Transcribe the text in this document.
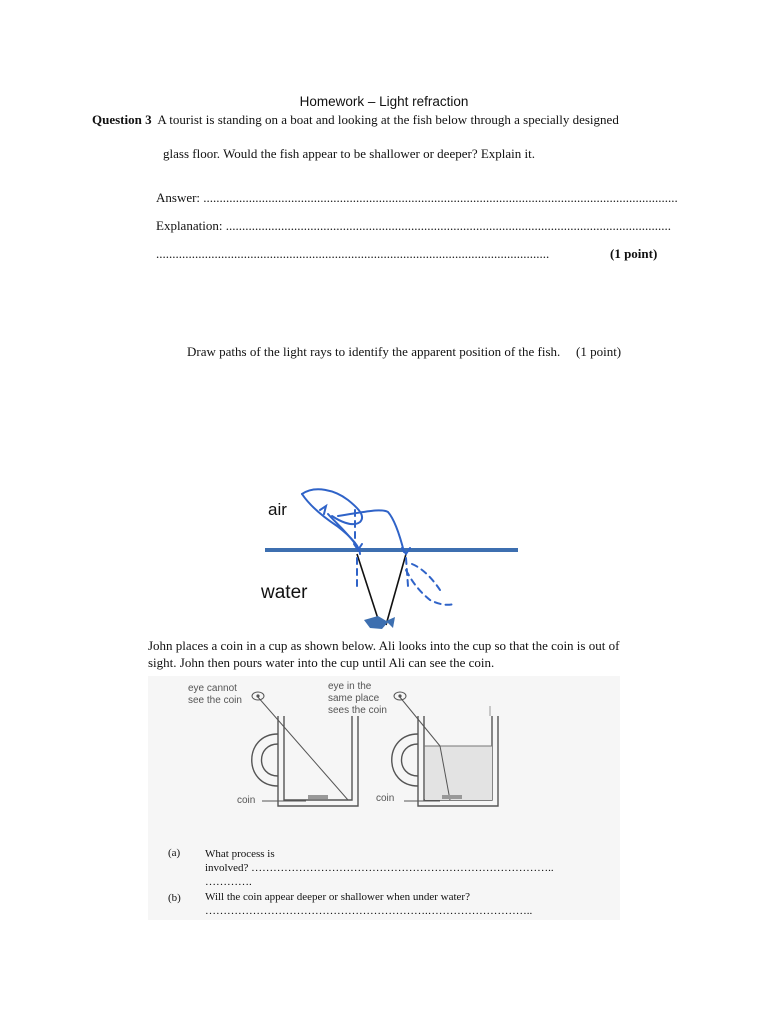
Homework – Light refraction
Question 3 A tourist is standing on a boat and looking at the fish below through a specially designed
glass floor. Would the fish appear to be shallower or deeper? Explain it.
Answer: ..................................................................................................................................................
Explanation: .........................................................................................................................................
.........................................................................................................................	(1 point)
Draw paths of the light rays to identify the apparent position of the fish. (1 point)
air
water
John places a coin in a cup as shown below. Ali looks into the cup so that the coin is out of
sight. John then pours water into the cup until Ali can see the coin.
eye cannot
see the coin
eye in the
same place
sees the coin
coin	coin
(a) What process is
involved? ………………………………………………………………………..
………….
(b) Will the coin appear deeper or shallower when under water?
…………………………………………………….………………………..
